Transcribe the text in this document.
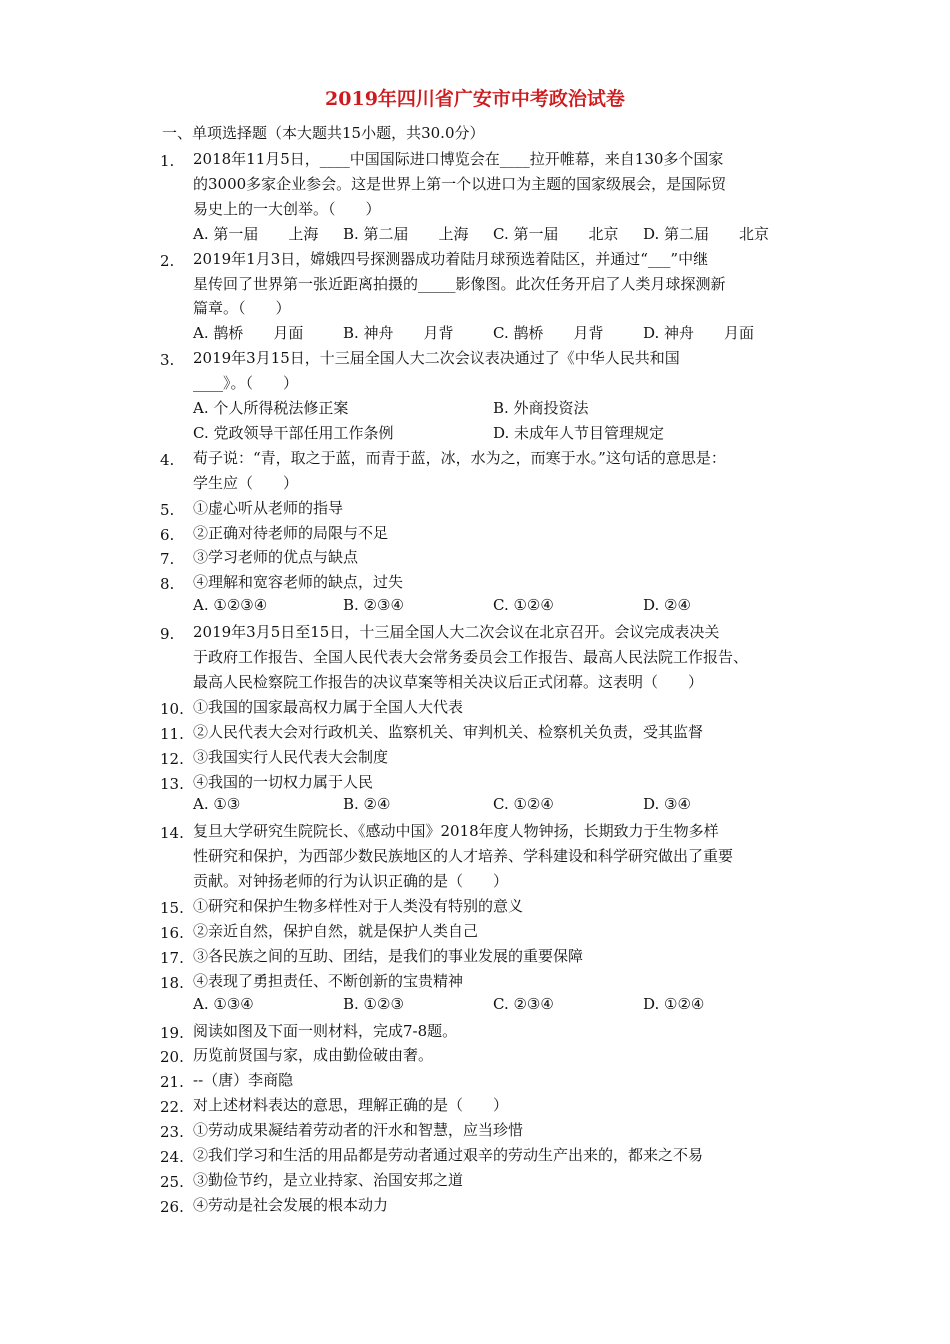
2019年四川省广安市中考政治试卷
一、单项选择题（本大题共15小题，共30.0分）
1. 2018年11月5日，____中国国际进口博览会在____拉开帷幕，来自130多个国家
的3000多家企业参会。这是世界上第一个以进口为主题的国家级展会，是国际贸
易史上的一大创举。（　　）
A. 第一届　　上海 B. 第二届　　上海 C. 第一届　　北京 D. 第二届　　北京
2. 2019年1月3日，嫦娥四号探测器成功着陆月球预选着陆区，并通过“___”中继
星传回了世界第一张近距离拍摄的_____影像图。此次任务开启了人类月球探测新
篇章。（　　）
A. 鹊桥　　月面	B. 神舟　　月背	C. 鹊桥　　月背	D. 神舟　　月面
3. 2019年3月15日，十三届全国人大二次会议表决通过了《中华人民共和国
____》。（　　）
A. 个人所得税法修正案	B. 外商投资法
C. 党政领导干部任用工作条例	D. 未成年人节目管理规定
4. 荀子说：“青，取之于蓝，而青于蓝，冰，水为之，而寒于水。”这句话的意思是：
学生应（　　）
5. ①虚心听从老师的指导
6. ②正确对待老师的局限与不足
7. ③学习老师的优点与缺点
8. ④理解和宽容老师的缺点，过失
A. ①②③④	B. ②③④	C. ①②④	D. ②④
9. 2019年3月5日至15日，十三届全国人大二次会议在北京召开。会议完成表决关
于政府工作报告、全国人民代表大会常务委员会工作报告、最高人民法院工作报告、
最高人民检察院工作报告的决议草案等相关决议后正式闭幕。这表明（　　）
10. ①我国的国家最高权力属于全国人大代表
11. ②人民代表大会对行政机关、监察机关、审判机关、检察机关负责，受其监督
12. ③我国实行人民代表大会制度
13. ④我国的一切权力属于人民
A. ①③	B. ②④	C. ①②④	D. ③④
14. 复旦大学研究生院院长、《感动中国》2018年度人物钟扬，长期致力于生物多样
性研究和保护，为西部少数民族地区的人才培养、学科建设和科学研究做出了重要
贡献。对钟扬老师的行为认识正确的是（　　）
15. ①研究和保护生物多样性对于人类没有特别的意义
16. ②亲近自然，保护自然，就是保护人类自己
17. ③各民族之间的互助、团结，是我们的事业发展的重要保障
18. ④表现了勇担责任、不断创新的宝贵精神
A. ①③④	B. ①②③	C. ②③④	D. ①②④
19. 阅读如图及下面一则材料，完成7-8题。
20. 历览前贤国与家，成由勤俭破由奢。
21. --（唐）李商隐
22. 对上述材料表达的意思，理解正确的是（　　）
23. ①劳动成果凝结着劳动者的汗水和智慧，应当珍惜
24. ②我们学习和生活的用品都是劳动者通过艰辛的劳动生产出来的，都来之不易
25. ③勤俭节约，是立业持家、治国安邦之道
26. ④劳动是社会发展的根本动力
